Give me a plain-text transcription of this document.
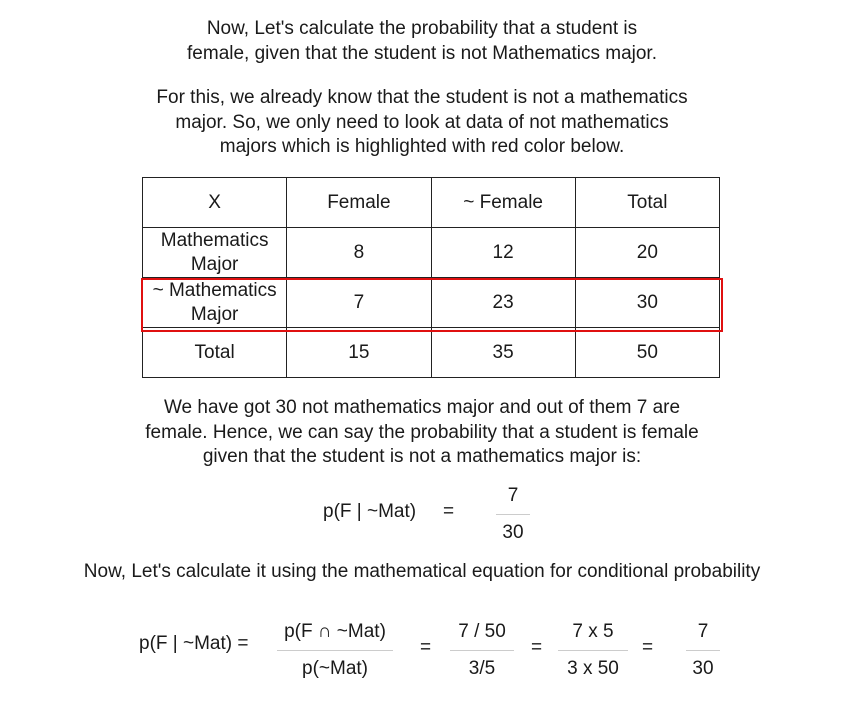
Now, Let's calculate the probability that a student is
female, given that the student is not Mathematics major.

For this, we already know that the student is not a mathematics
major. So, we only need to look at data of not mathematics
majors which is highlighted with red color below.

X	Female	~ Female	Total

Mathematics
Major	8	12	20

~ Mathematics
Major	7	23	30
Total	15	35	50

We have got 30 not mathematics major and out of them 7 are
female. Hence, we can say the probability that a student is female
given that the student is not a mathematics major is:

p(F | ~Mat) =
7
30

Now, Let's calculate it using the mathematical equation for conditional probability

p(F | ~Mat) =
p(F ∩ ~Mat)
p(~Mat)
=
7 / 50
3/5
=
7 x 5
3 x 50
=
7
30
